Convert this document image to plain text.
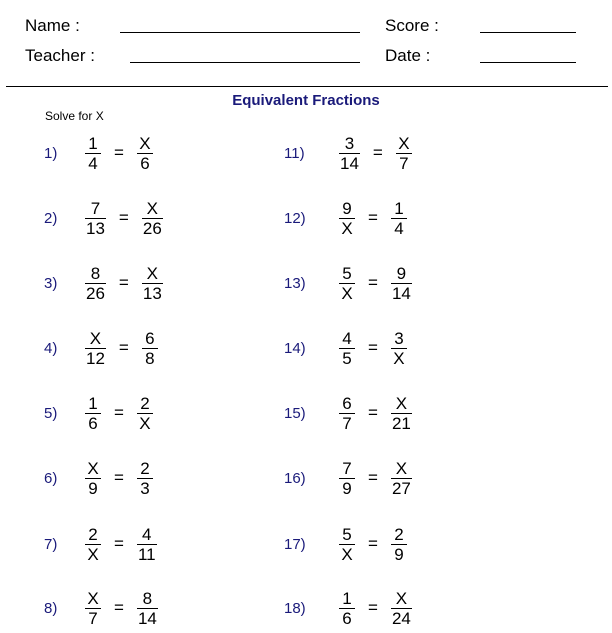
Name :
Teacher :
Score :
Date :
Equivalent Fractions
Solve for X
1)	$\frac{1}{4} = \frac{X}{6}$
2)	$\frac{7}{13} = \frac{X}{26}$
3)	$\frac{8}{26} = \frac{X}{13}$
4)	$\frac{X}{12} = \frac{6}{8}$
5)	$\frac{1}{6} = \frac{2}{X}$
6)	$\frac{X}{9} = \frac{2}{3}$
7)	$\frac{2}{X} = \frac{4}{11}$
8)	$\frac{X}{7} = \frac{8}{14}$
11)	$\frac{3}{14} = \frac{X}{7}$
12)	$\frac{9}{X} = \frac{1}{4}$
13)	$\frac{5}{X} = \frac{9}{14}$
14)	$\frac{4}{5} = \frac{3}{X}$
15)	$\frac{6}{7} = \frac{X}{21}$
16)	$\frac{7}{9} = \frac{X}{27}$
17)	$\frac{5}{X} = \frac{2}{9}$
18)	$\frac{1}{6} = \frac{X}{24}$
